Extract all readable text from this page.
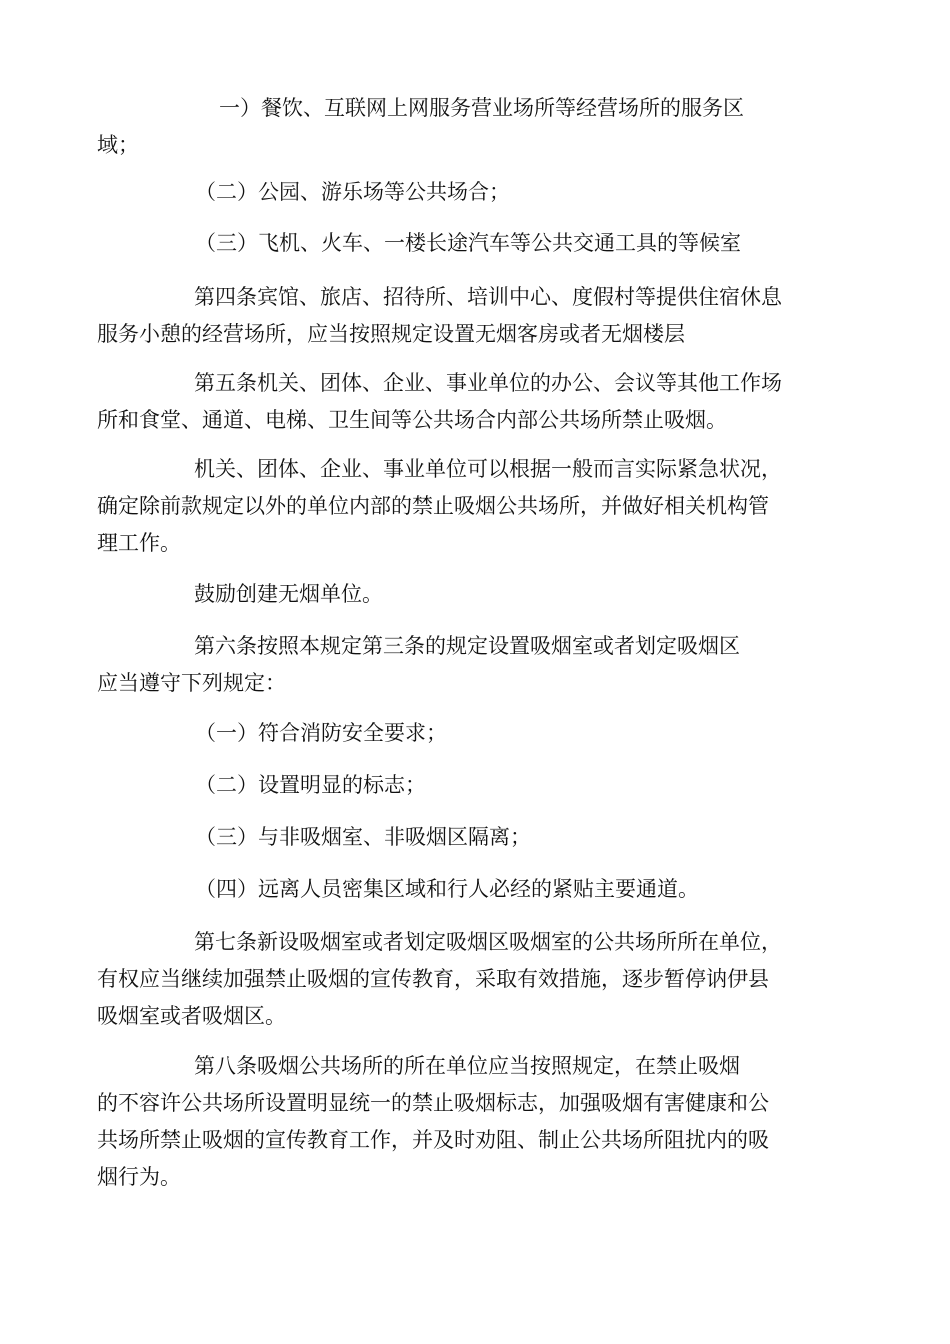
一）餐饮、互联网上网服务营业场所等经营场所的服务区
域；

（二）公园、游乐场等公共场合；

（三）飞机、火车、一楼长途汽车等公共交通工具的等候室

第四条宾馆、旅店、招待所、培训中心、度假村等提供住宿休息
服务小憩的经营场所，应当按照规定设置无烟客房或者无烟楼层

第五条机关、团体、企业、事业单位的办公、会议等其他工作场
所和食堂、通道、电梯、卫生间等公共场合内部公共场所禁止吸烟。

机关、团体、企业、事业单位可以根据一般而言实际紧急状况，
确定除前款规定以外的单位内部的禁止吸烟公共场所，并做好相关机构管
理工作。

鼓励创建无烟单位。

第六条按照本规定第三条的规定设置吸烟室或者划定吸烟区
应当遵守下列规定：

（一）符合消防安全要求；

（二）设置明显的标志；

（三）与非吸烟室、非吸烟区隔离；

（四）远离人员密集区域和行人必经的紧贴主要通道。

第七条新设吸烟室或者划定吸烟区吸烟室的公共场所所在单位，
有权应当继续加强禁止吸烟的宣传教育，采取有效措施，逐步暂停讷伊县
吸烟室或者吸烟区。

第八条吸烟公共场所的所在单位应当按照规定，在禁止吸烟
的不容许公共场所设置明显统一的禁止吸烟标志，加强吸烟有害健康和公
共场所禁止吸烟的宣传教育工作，并及时劝阻、制止公共场所阻扰内的吸
烟行为。
